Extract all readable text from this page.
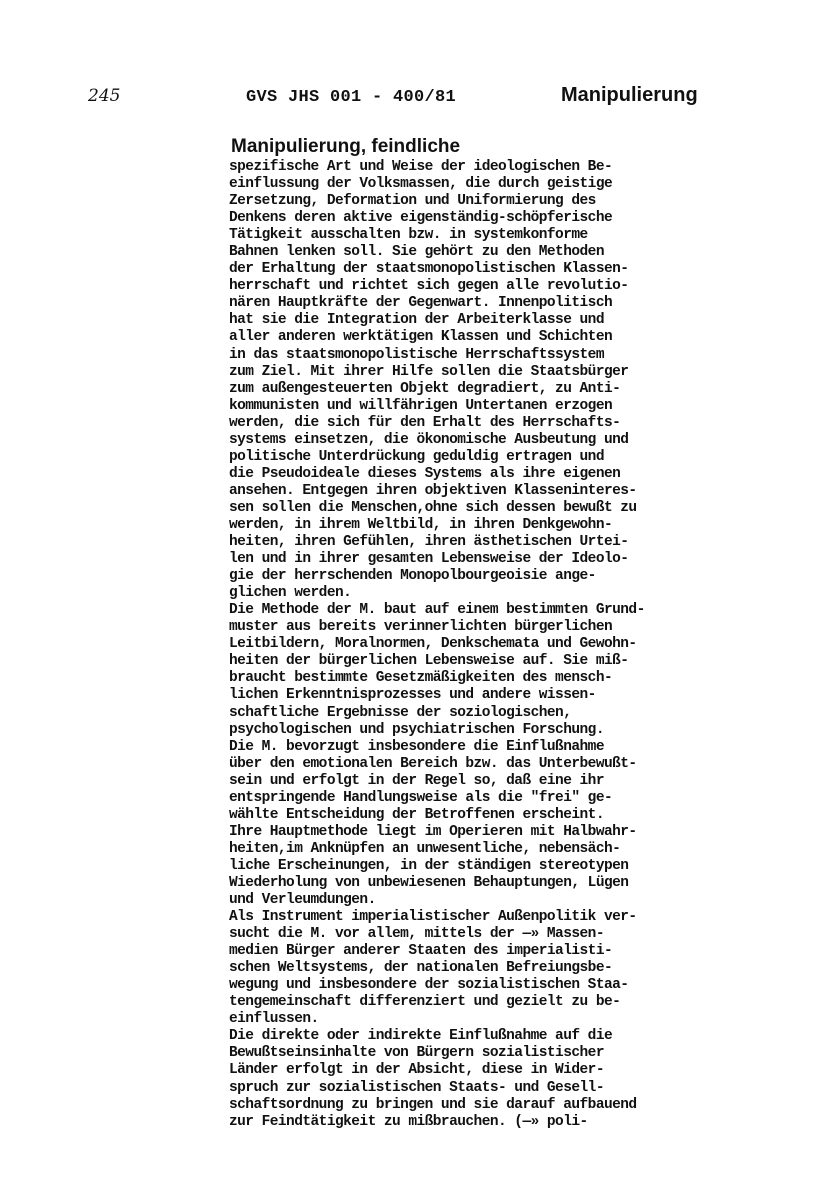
245	GVS JHS 001 - 400/81	Manipulierung
Manipulierung, feindliche
spezifische Art und Weise der ideologischen Be-
einflussung der Volksmassen, die durch geistige
Zersetzung, Deformation und Uniformierung des
Denkens deren aktive eigenständig-schöpferische
Tätigkeit ausschalten bzw. in systemkonforme
Bahnen lenken soll. Sie gehört zu den Methoden
der Erhaltung der staatsmonopolistischen Klassen-
herrschaft und richtet sich gegen alle revolutio-
nären Hauptkräfte der Gegenwart. Innenpolitisch
hat sie die Integration der Arbeiterklasse und
aller anderen werktätigen Klassen und Schichten
in das staatsmonopolistische Herrschaftssystem
zum Ziel. Mit ihrer Hilfe sollen die Staatsbürger
zum außengesteuerten Objekt degradiert, zu Anti-
kommunisten und willfährigen Untertanen erzogen
werden, die sich für den Erhalt des Herrschafts-
systems einsetzen, die ökonomische Ausbeutung und
politische Unterdrückung geduldig ertragen und
die Pseudoideale dieses Systems als ihre eigenen
ansehen. Entgegen ihren objektiven Klasseninteres-
sen sollen die Menschen,ohne sich dessen bewußt zu
werden, in ihrem Weltbild, in ihren Denkgewohn-
heiten, ihren Gefühlen, ihren ästhetischen Urtei-
len und in ihrer gesamten Lebensweise der Ideolo-
gie der herrschenden Monopolbourgeoisie ange-
glichen werden.
Die Methode der M. baut auf einem bestimmten Grund-
muster aus bereits verinnerlichten bürgerlichen
Leitbildern, Moralnormen, Denkschemata und Gewohn-
heiten der bürgerlichen Lebensweise auf. Sie miß-
braucht bestimmte Gesetzmäßigkeiten des mensch-
lichen Erkenntnisprozesses und andere wissen-
schaftliche Ergebnisse der soziologischen,
psychologischen und psychiatrischen Forschung.
Die M. bevorzugt insbesondere die Einflußnahme
über den emotionalen Bereich bzw. das Unterbewußt-
sein und erfolgt in der Regel so, daß eine ihr
entspringende Handlungsweise als die "frei" ge-
wählte Entscheidung der Betroffenen erscheint.
Ihre Hauptmethode liegt im Operieren mit Halbwahr-
heiten,im Anknüpfen an unwesentliche, nebensäch-
liche Erscheinungen, in der ständigen stereotypen
Wiederholung von unbewiesenen Behauptungen, Lügen
und Verleumdungen.
Als Instrument imperialistischer Außenpolitik ver-
sucht die M. vor allem, mittels der —» Massen-
medien Bürger anderer Staaten des imperialisti-
schen Weltsystems, der nationalen Befreiungsbe-
wegung und insbesondere der sozialistischen Staa-
tengemeinschaft differenziert und gezielt zu be-
einflussen.
Die direkte oder indirekte Einflußnahme auf die
Bewußtseinsinhalte von Bürgern sozialistischer
Länder erfolgt in der Absicht, diese in Wider-
spruch zur sozialistischen Staats- und Gesell-
schaftsordnung zu bringen und sie darauf aufbauend
zur Feindtätigkeit zu mißbrauchen. (—» poli-
